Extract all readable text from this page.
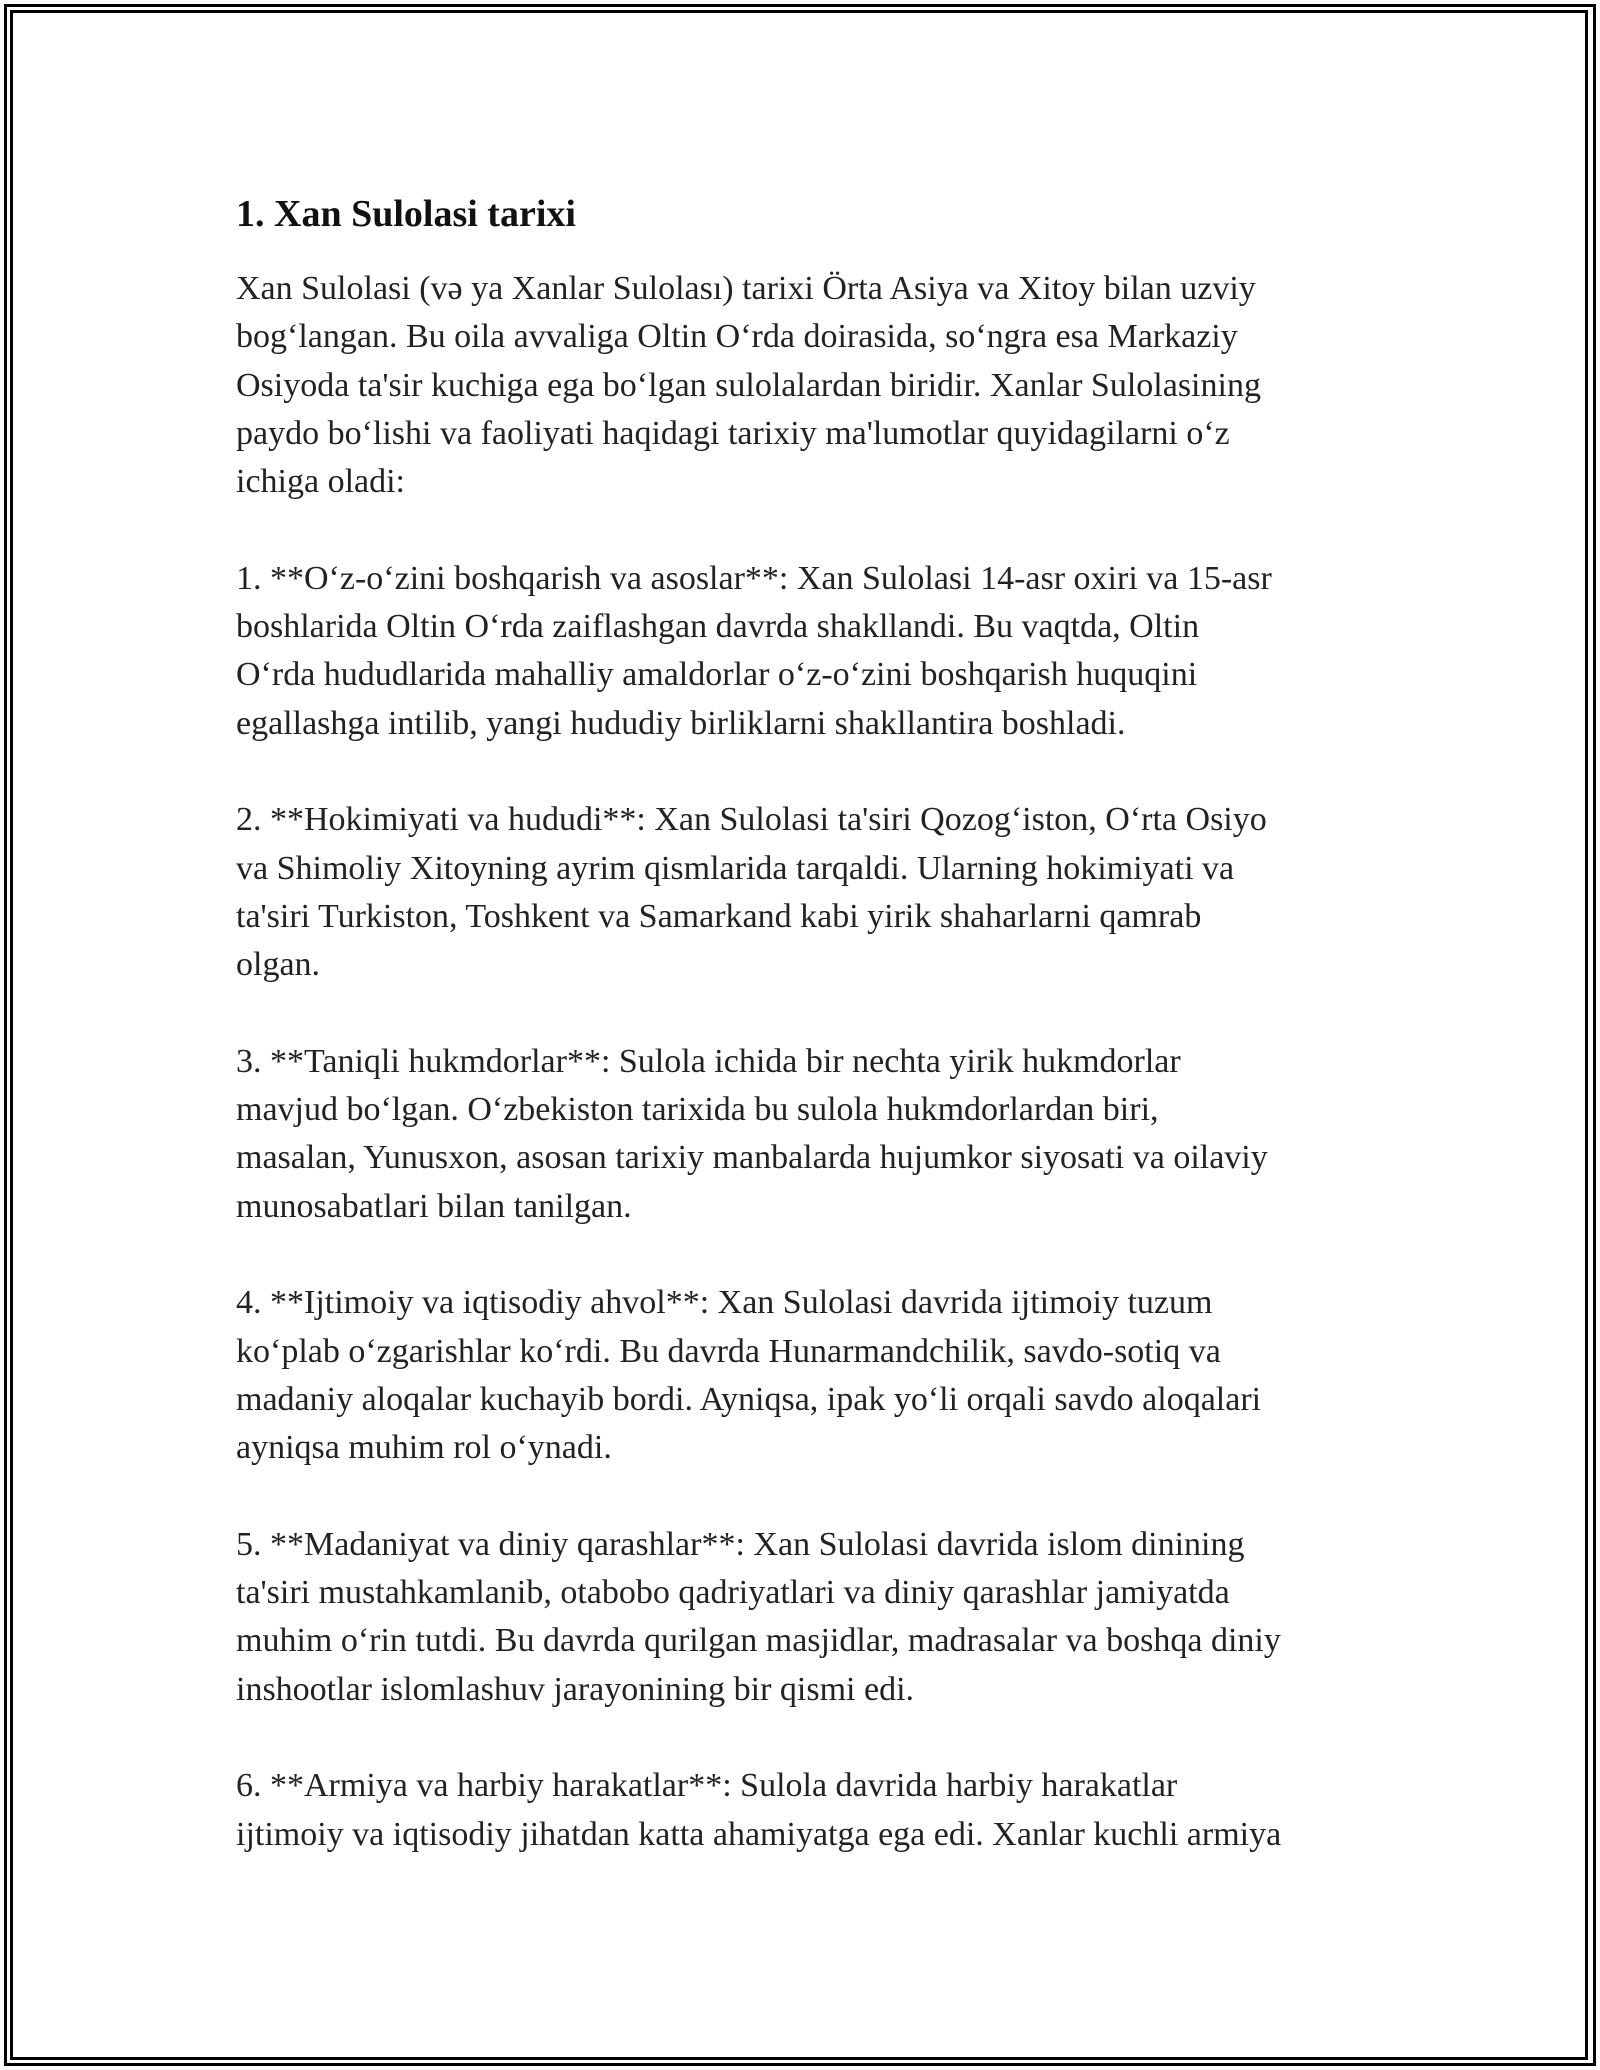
1. Xan Sulolasi tarixi

Xan Sulolasi (və ya Xanlar Sulolası) tarixi Örta Asiya va Xitoy bilan uzviy
bog‘langan. Bu oila avvaliga Oltin O‘rda doirasida, so‘ngra esa Markaziy
Osiyoda ta'sir kuchiga ega bo‘lgan sulolalardan biridir. Xanlar Sulolasining
paydo bo‘lishi va faoliyati haqidagi tarixiy ma'lumotlar quyidagilarni o‘z
ichiga oladi:

1. **O‘z-o‘zini boshqarish va asoslar**: Xan Sulolasi 14-asr oxiri va 15-asr
boshlarida Oltin O‘rda zaiflashgan davrda shakllandi. Bu vaqtda, Oltin
O‘rda hududlarida mahalliy amaldorlar o‘z-o‘zini boshqarish huquqini
egallashga intilib, yangi hududiy birliklarni shakllantira boshladi.

2. **Hokimiyati va hududi**: Xan Sulolasi ta'siri Qozog‘iston, O‘rta Osiyo
va Shimoliy Xitoyning ayrim qismlarida tarqaldi. Ularning hokimiyati va
ta'siri Turkiston, Toshkent va Samarkand kabi yirik shaharlarni qamrab
olgan.

3. **Taniqli hukmdorlar**: Sulola ichida bir nechta yirik hukmdorlar
mavjud bo‘lgan. O‘zbekiston tarixida bu sulola hukmdorlardan biri,
masalan, Yunusxon, asosan tarixiy manbalarda hujumkor siyosati va oilaviy
munosabatlari bilan tanilgan.

4. **Ijtimoiy va iqtisodiy ahvol**: Xan Sulolasi davrida ijtimoiy tuzum
ko‘plab o‘zgarishlar ko‘rdi. Bu davrda Hunarmandchilik, savdo-sotiq va
madaniy aloqalar kuchayib bordi. Ayniqsa, ipak yo‘li orqali savdo aloqalari
ayniqsa muhim rol o‘ynadi.

5. **Madaniyat va diniy qarashlar**: Xan Sulolasi davrida islom dinining
ta'siri mustahkamlanib, otabobo qadriyatlari va diniy qarashlar jamiyatda
muhim o‘rin tutdi. Bu davrda qurilgan masjidlar, madrasalar va boshqa diniy
inshootlar islomlashuv jarayonining bir qismi edi.

6. **Armiya va harbiy harakatlar**: Sulola davrida harbiy harakatlar
ijtimoiy va iqtisodiy jihatdan katta ahamiyatga ega edi. Xanlar kuchli armiya
